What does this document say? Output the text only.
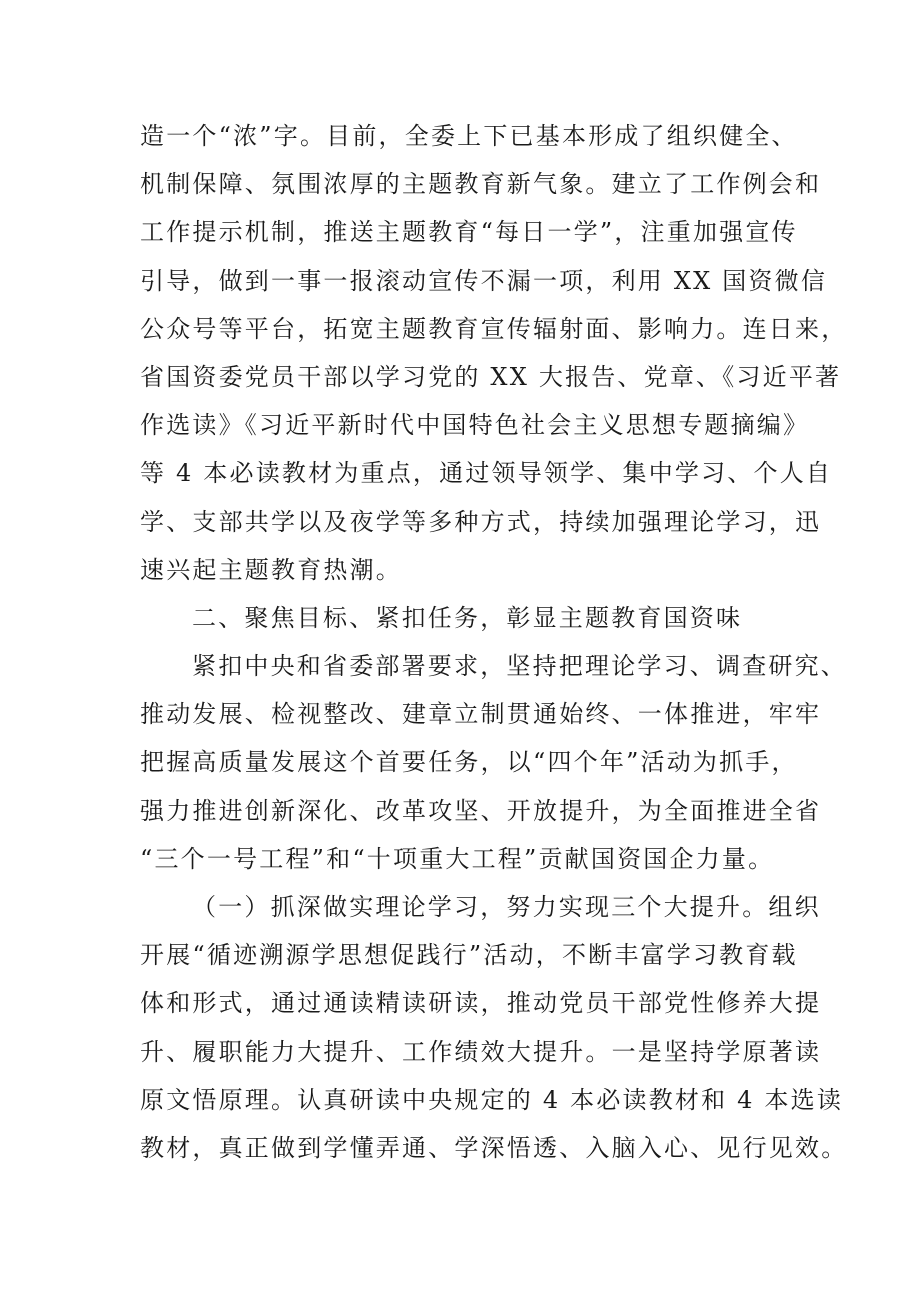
造一个“浓”字。目前，全委上下已基本形成了组织健全、
机制保障、氛围浓厚的主题教育新气象。建立了工作例会和
工作提示机制，推送主题教育“每日一学”，注重加强宣传
引导，做到一事一报滚动宣传不漏一项，利用 XX 国资微信
公众号等平台，拓宽主题教育宣传辐射面、影响力。连日来，
省国资委党员干部以学习党的 XX 大报告、党章、《习近平著
作选读》《习近平新时代中国特色社会主义思想专题摘编》
等 4 本必读教材为重点，通过领导领学、集中学习、个人自
学、支部共学以及夜学等多种方式，持续加强理论学习，迅
速兴起主题教育热潮。
二、聚焦目标、紧扣任务，彰显主题教育国资味
紧扣中央和省委部署要求，坚持把理论学习、调查研究、
推动发展、检视整改、建章立制贯通始终、一体推进，牢牢
把握高质量发展这个首要任务，以“四个年”活动为抓手，
强力推进创新深化、改革攻坚、开放提升，为全面推进全省
“三个一号工程”和“十项重大工程”贡献国资国企力量。
（一）抓深做实理论学习，努力实现三个大提升。组织
开展“循迹溯源学思想促践行”活动，不断丰富学习教育载
体和形式，通过通读精读研读，推动党员干部党性修养大提
升、履职能力大提升、工作绩效大提升。一是坚持学原著读
原文悟原理。认真研读中央规定的 4 本必读教材和 4 本选读
教材，真正做到学懂弄通、学深悟透、入脑入心、见行见效。
